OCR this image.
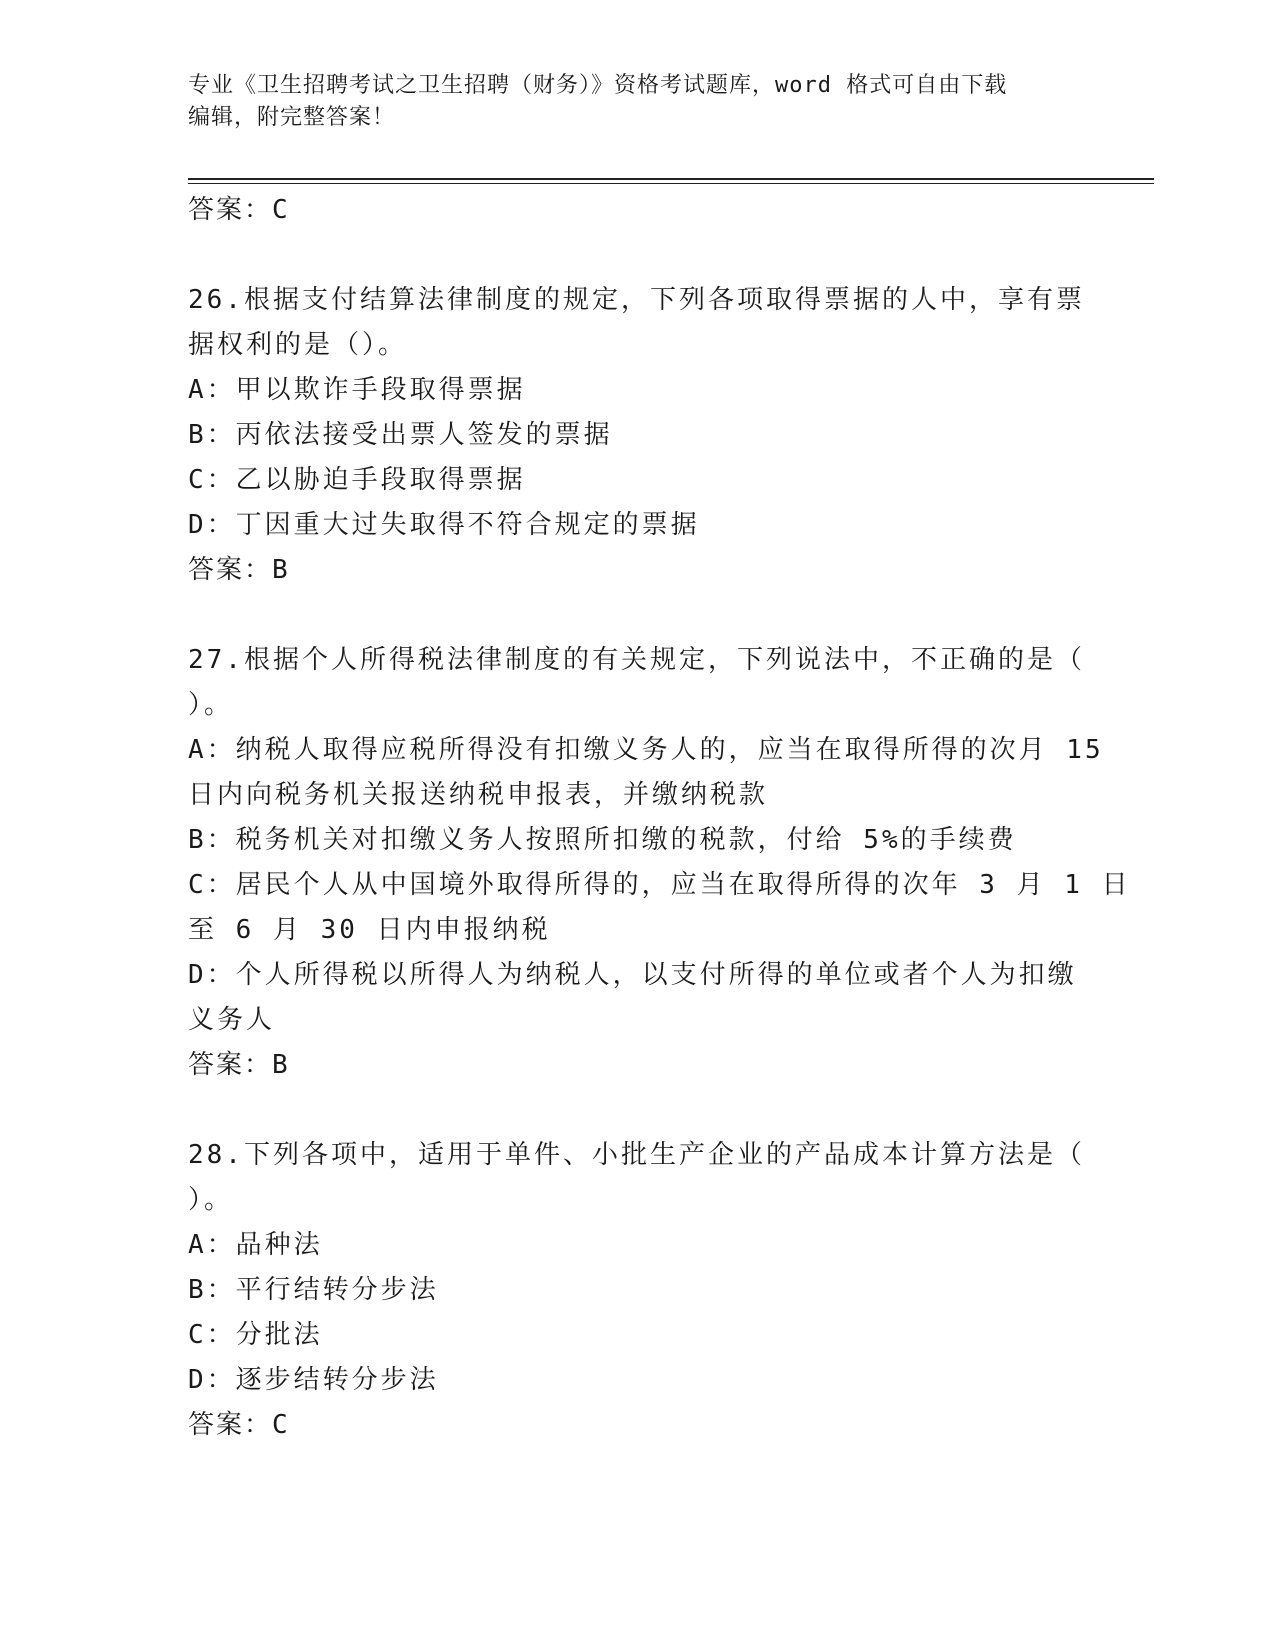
专业《卫生招聘考试之卫生招聘（财务）》资格考试题库，word 格式可自由下载
编辑，附完整答案！
答案：C
26.根据支付结算法律制度的规定，下列各项取得票据的人中，享有票
据权利的是（）。
A：甲以欺诈手段取得票据
B：丙依法接受出票人签发的票据
C：乙以胁迫手段取得票据
D：丁因重大过失取得不符合规定的票据
答案：B
27.根据个人所得税法律制度的有关规定，下列说法中，不正确的是（
）。
A：纳税人取得应税所得没有扣缴义务人的，应当在取得所得的次月 15
日内向税务机关报送纳税申报表，并缴纳税款
B：税务机关对扣缴义务人按照所扣缴的税款，付给 5%的手续费
C：居民个人从中国境外取得所得的，应当在取得所得的次年 3 月 1 日
至 6 月 30 日内申报纳税
D：个人所得税以所得人为纳税人，以支付所得的单位或者个人为扣缴
义务人
答案：B
28.下列各项中，适用于单件、小批生产企业的产品成本计算方法是（
）。
A：品种法
B：平行结转分步法
C：分批法
D：逐步结转分步法
答案：C
